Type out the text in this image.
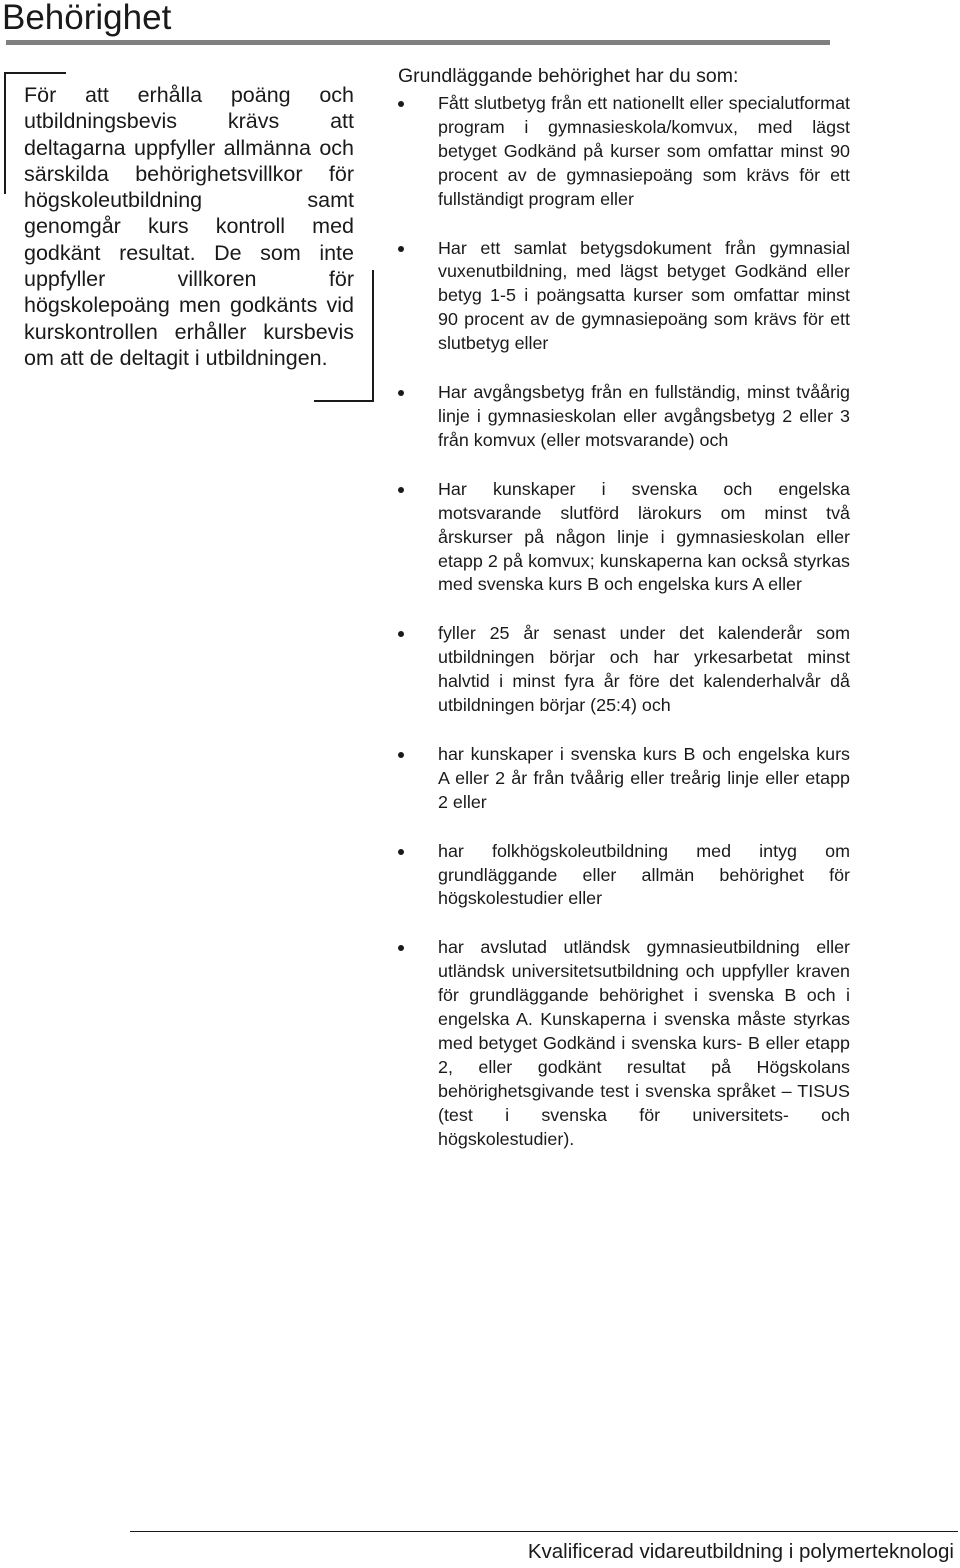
Behörighet

För att erhålla poäng och utbildningsbevis krävs att deltagarna uppfyller allmänna och särskilda behörighetsvillkor för högskoleutbildning samt genomgår kurs kontroll med godkänt resultat. De som inte uppfyller villkoren för högskolepoäng men godkänts vid kurskontrollen erhåller kursbevis om att de deltagit i utbildningen.

Grundläggande behörighet har du som:

Fått slutbetyg från ett nationellt eller specialutformat program i gymnasieskola/komvux, med lägst betyget Godkänd på kurser som omfattar minst 90 procent av de gymnasiepoäng som krävs för ett fullständigt program eller
Har ett samlat betygsdokument från gymnasial vuxenutbildning, med lägst betyget Godkänd eller betyg 1-5 i poängsatta kurser som omfattar minst 90 procent av de gymnasiepoäng som krävs för ett slutbetyg eller
Har avgångsbetyg från en fullständig, minst tvåårig linje i gymnasieskolan eller avgångsbetyg 2 eller 3 från komvux (eller motsvarande) och
Har kunskaper i svenska och engelska motsvarande slutförd lärokurs om minst två årskurser på någon linje i gymnasieskolan eller etapp 2 på komvux; kunskaperna kan också styrkas med svenska kurs B och engelska kurs A eller
fyller 25 år senast under det kalenderår som utbildningen börjar och har yrkesarbetat minst halvtid i minst fyra år före det kalenderhalvår då utbildningen börjar (25:4) och
har kunskaper i svenska kurs B och engelska kurs A eller 2 år från tvåårig eller treårig linje eller etapp 2 eller
har folkhögskoleutbildning med intyg om grundläggande eller allmän behörighet för högskolestudier eller
har avslutad utländsk gymnasieutbildning eller utländsk universitetsutbildning och uppfyller kraven för grundläggande behörighet i svenska B och i engelska A. Kunskaperna i svenska måste styrkas med betyget Godkänd i svenska kurs- B eller etapp 2, eller godkänt resultat på Högskolans behörighetsgivande test i svenska språket – TISUS (test i svenska för universitets- och högskolestudier).
Kvalificerad vidareutbildning i polymerteknologi
